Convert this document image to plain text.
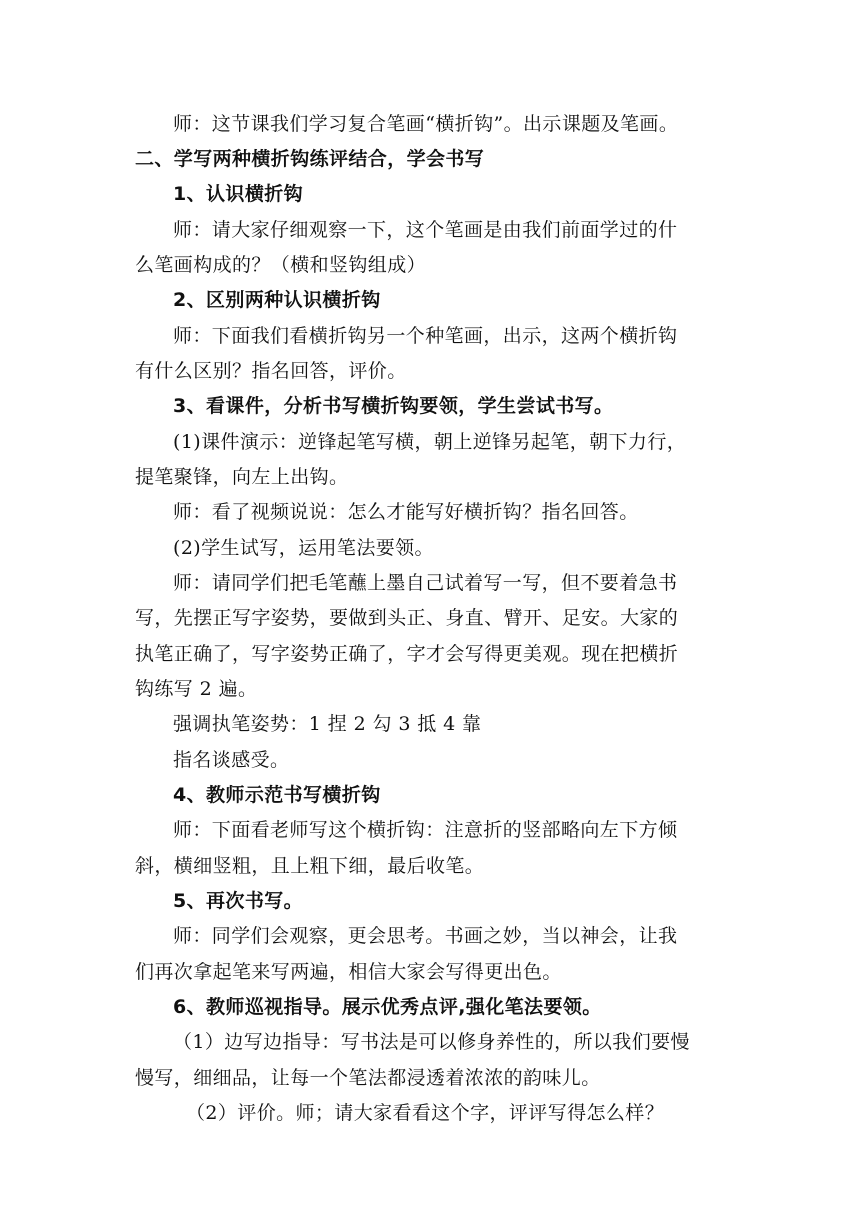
师：这节课我们学习复合笔画“横折钩”。出示课题及笔画。
二、学写两种横折钩练评结合，学会书写
1、认识横折钩
师：请大家仔细观察一下，这个笔画是由我们前面学过的什
么笔画构成的？（横和竖钩组成）
2、区别两种认识横折钩
师：下面我们看横折钩另一个种笔画，出示，这两个横折钩
有什么区别？指名回答，评价。
3、看课件，分析书写横折钩要领，学生尝试书写。
(1)课件演示：逆锋起笔写横，朝上逆锋另起笔，朝下力行，
提笔聚锋，向左上出钩。
师：看了视频说说：怎么才能写好横折钩？指名回答。
(2)学生试写，运用笔法要领。
师：请同学们把毛笔蘸上墨自己试着写一写，但不要着急书
写，先摆正写字姿势，要做到头正、身直、臂开、足安。大家的
执笔正确了，写字姿势正确了，字才会写得更美观。现在把横折
钩练写 2 遍。
强调执笔姿势：1 捏 2 勾 3 抵 4 靠
指名谈感受。
4、教师示范书写横折钩
师：下面看老师写这个横折钩：注意折的竖部略向左下方倾
斜，横细竖粗，且上粗下细，最后收笔。
5、再次书写。
师：同学们会观察，更会思考。书画之妙，当以神会，让我
们再次拿起笔来写两遍，相信大家会写得更出色。
6、教师巡视指导。展示优秀点评,强化笔法要领。
（1）边写边指导：写书法是可以修身养性的，所以我们要慢
慢写，细细品，让每一个笔法都浸透着浓浓的韵味儿。
（2）评价。师；请大家看看这个字，评评写得怎么样？
